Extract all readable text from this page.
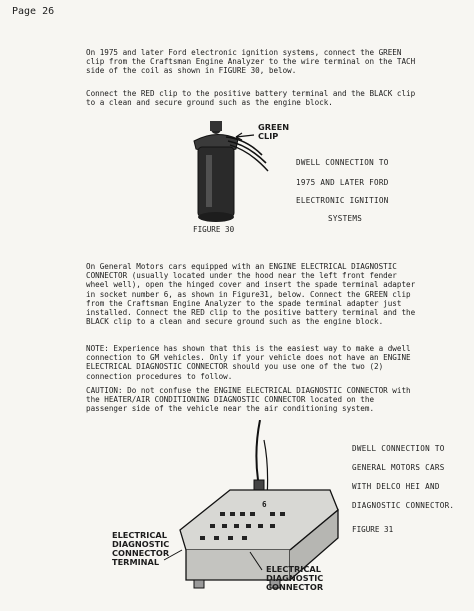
Page 26

On 1975 and later Ford electronic ignition systems, connect the GREEN clip from the Craftsman Engine Analyzer to the wire terminal on the TACH side of the coil as shown in FIGURE 30, below.

Connect the RED clip to the positive battery terminal and the BLACK clip to a clean and secure ground such as the engine block.

GREEN
CLIP
DWELL CONNECTION TO
1975 AND LATER FORD
ELECTRONIC IGNITION
SYSTEMS
FIGURE 30

On General Motors cars equipped with an ENGINE ELECTRICAL DIAGNOSTIC CONNECTOR (usually located under the hood near the left front fender wheel well), open the hinged cover and insert the spade terminal adapter in socket number 6, as shown in Figure31, below. Connect the GREEN clip from the Craftsman Engine Analyzer to the spade terminal adapter just installed. Connect the RED clip to the positive battery terminal and the BLACK clip to a clean and secure ground such as the engine block.

NOTE: Experience has shown that this is the easiest way to make a dwell connection to GM vehicles. Only if your vehicle does not have an ENGINE ELECTRICAL DIAGNOSTIC CONNECTOR should you use one of the two (2) connection procedures to follow.

CAUTION: Do not confuse the ENGINE ELECTRICAL DIAGNOSTIC CONNECTOR with the HEATER/AIR CONDITIONING DIAGNOSTIC CONNECTOR located on the passenger side of the vehicle near the air conditioning system.

DWELL CONNECTION TO
GENERAL MOTORS CARS
WITH DELCO HEI AND
DIAGNOSTIC CONNECTOR.
FIGURE 31
6
ELECTRICAL
DIAGNOSTIC
CONNECTOR
TERMINAL
ELECTRICAL
DIAGNOSTIC
CONNECTOR
